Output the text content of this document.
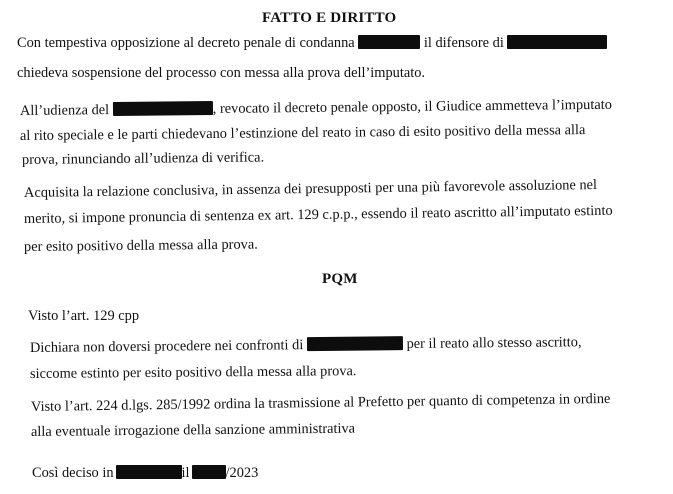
FATTO E DIRITTO
Con tempestiva opposizione al decreto penale di condanna	il difensore di
chiedeva sospensione del processo con messa alla prova dell’imputato.
All’udienza del	, revocato il decreto penale opposto, il Giudice ammetteva l’imputato
al rito speciale e le parti chiedevano l’estinzione del reato in caso di esito positivo della messa alla
prova, rinunciando all’udienza di verifica.
Acquisita la relazione conclusiva, in assenza dei presupposti per una più favorevole assoluzione nel
merito, si impone pronuncia di sentenza ex art. 129 c.p.p., essendo il reato ascritto all’imputato estinto
per esito positivo della messa alla prova.
PQM
Visto l’art. 129 cpp
Dichiara non doversi procedere nei confronti di	per il reato allo stesso ascritto,
siccome estinto per esito positivo della messa alla prova.
Visto l’art. 224 d.lgs. 285/1992 ordina la trasmissione al Prefetto per quanto di competenza in ordine
alla eventuale irrogazione della sanzione amministrativa
Così deciso in	il	/2023
